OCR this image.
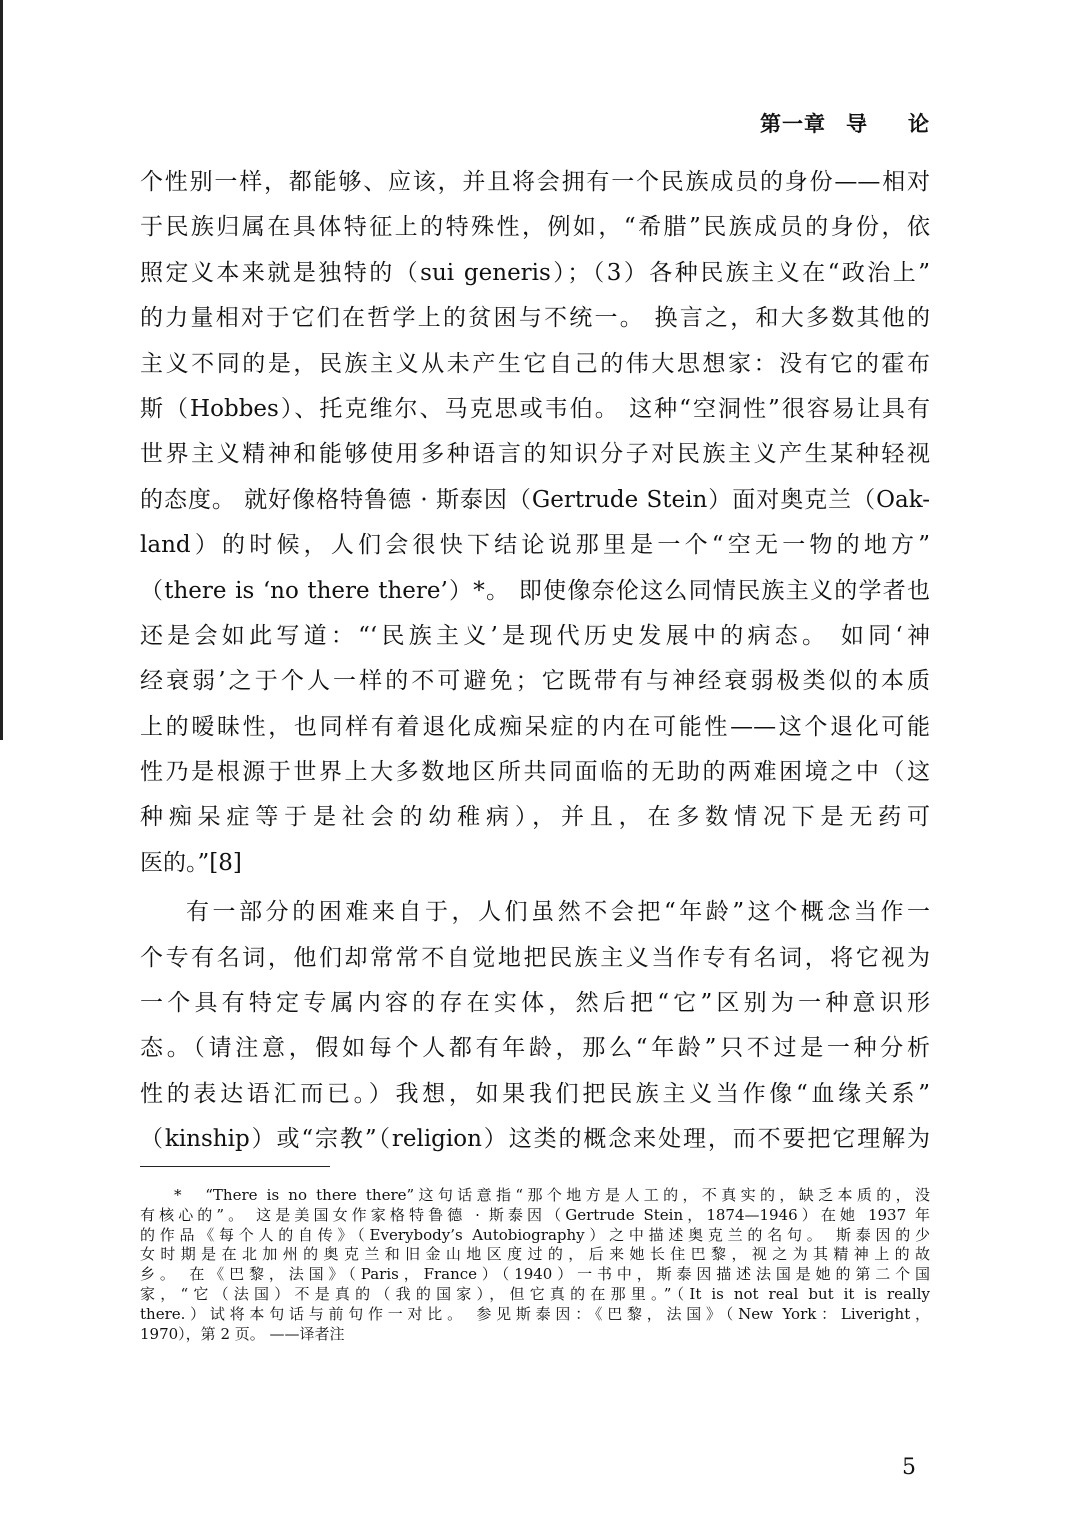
第一章 导 论
个性别一样，都能够、应该，并且将会拥有一个民族成员的身份——相对
于民族归属在具体特征上的特殊性，例如，“希腊”民族成员的身份，依
照定义本来就是独特的（sui generis）；（3）各种民族主义在“政治上”
的力量相对于它们在哲学上的贫困与不统一。 换言之，和大多数其他的
主义不同的是，民族主义从未产生它自己的伟大思想家：没有它的霍布
斯（Hobbes）、托克维尔、马克思或韦伯。 这种“空洞性”很容易让具有
世界主义精神和能够使用多种语言的知识分子对民族主义产生某种轻视
的态度。 就好像格特鲁德 · 斯泰因（Gertrude Stein）面对奥克兰（Oak-
land）的时候，人们会很快下结论说那里是一个“空无一物的地方”
（there is ‘no there there’）*。 即使像奈伦这么同情民族主义的学者也
还是会如此写道：“‘民族主义’是现代历史发展中的病态。 如同‘神
经衰弱’之于个人一样的不可避免；它既带有与神经衰弱极类似的本质
上的暧昧性，也同样有着退化成痴呆症的内在可能性——这个退化可能
性乃是根源于世界上大多数地区所共同面临的无助的两难困境之中（这
种痴呆症等于是社会的幼稚病），并且，在多数情况下是无药可
医的。”[8]
有一部分的困难来自于，人们虽然不会把“年龄”这个概念当作一
个专有名词，他们却常常不自觉地把民族主义当作专有名词，将它视为
一个具有特定专属内容的存在实体，然后把“它”区别为一种意识形
态。（请注意，假如每个人都有年龄，那么“年龄”只不过是一种分析
性的表达语汇而已。）我想，如果我们把民族主义当作像“血缘关系”
（kinship）或“宗教”（religion）这类的概念来处理，而不要把它理解为
*　“There is no there there”这句话意指“那个地方是人工的，不真实的，缺乏本质的，没
有核心的”。 这是美国女作家格特鲁德 · 斯泰因（Gertrude Stein，1874—1946）在她 1937 年
的作品《每个人的自传》（Everybody’s Autobiography）之中描述奥克兰的名句。 斯泰因的少
女时期是在北加州的奥克兰和旧金山地区度过的，后来她长住巴黎，视之为其精神上的故
乡。 在《巴黎，法国》（Paris，France）（1940）一书中，斯泰因描述法国是她的第二个国
家，“它（法国）不是真的（我的国家），但它真的在那里。”（It is not real but it is really
there.）试将本句话与前句作一对比。 参见斯泰因：《巴黎，法国》（New York：Liveright，
1970），第 2 页。 ——译者注
5
